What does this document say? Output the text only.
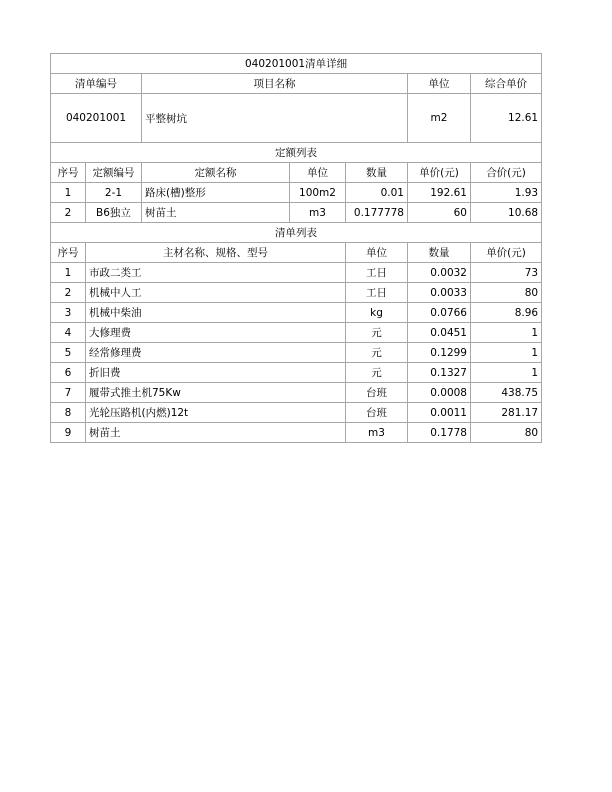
040201001清单详细							
清单编号		项目名称			单位	综合单价	
040201001		平整树坑			m2	12.61	
定额列表							
序号	定额编号	定额名称	单位	数量	单价(元)	合价(元)	
1	2-1	路床(槽)整形	100m2	0.01	192.61	1.93	
2	B6独立	树苗土	m3	0.177778	60	10.68	
清单列表							
序号	主材名称、规格、型号			单位	数量	单价(元)	
1	市政二类工			工日	0.0032	73	
2	机械中人工			工日	0.0033	80	
3	机械中柴油			kg	0.0766	8.96	
4	大修理费			元	0.0451	1	
5	经常修理费			元	0.1299	1	
6	折旧费			元	0.1327	1	
7	履带式推土机75Kw			台班	0.0008	438.75	
8	光轮压路机(内燃)12t			台班	0.0011	281.17	
9	树苗土			m3	0.1778	80	
